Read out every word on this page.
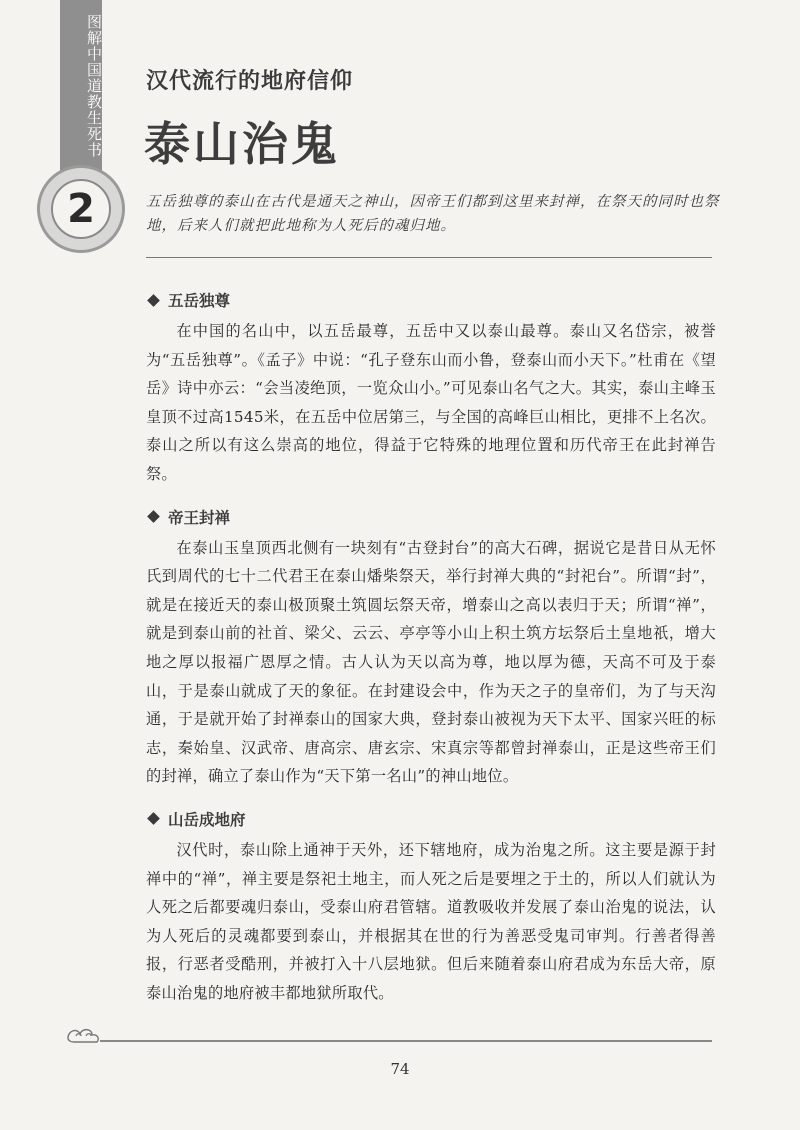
图解中国道教生死书
2
汉代流行的地府信仰
泰山治鬼
五岳独尊的泰山在古代是通天之神山，因帝王们都到这里来封禅，在祭天的同时也祭地，后来人们就把此地称为人死后的魂归地。
五岳独尊

在中国的名山中，以五岳最尊，五岳中又以泰山最尊。泰山又名岱宗，被誉为“五岳独尊”。《孟子》中说：“孔子登东山而小鲁，登泰山而小天下。”杜甫在《望岳》诗中亦云：“会当凌绝顶，一览众山小。”可见泰山名气之大。其实，泰山主峰玉皇顶不过高1545米，在五岳中位居第三，与全国的高峰巨山相比，更排不上名次。泰山之所以有这么崇高的地位，得益于它特殊的地理位置和历代帝王在此封禅告祭。

帝王封禅

在泰山玉皇顶西北侧有一块刻有“古登封台”的高大石碑，据说它是昔日从无怀氏到周代的七十二代君王在泰山燔柴祭天，举行封禅大典的“封祀台”。所谓“封”，就是在接近天的泰山极顶聚土筑圆坛祭天帝，增泰山之高以表归于天；所谓“禅”，就是到泰山前的社首、梁父、云云、亭亭等小山上积土筑方坛祭后土皇地祇，增大地之厚以报福广恩厚之情。古人认为天以高为尊，地以厚为德，天高不可及于泰山，于是泰山就成了天的象征。在封建设会中，作为天之子的皇帝们，为了与天沟通，于是就开始了封禅泰山的国家大典，登封泰山被视为天下太平、国家兴旺的标志，秦始皇、汉武帝、唐高宗、唐玄宗、宋真宗等都曾封禅泰山，正是这些帝王们的封禅，确立了泰山作为“天下第一名山”的神山地位。

山岳成地府

汉代时，泰山除上通神于天外，还下辖地府，成为治鬼之所。这主要是源于封禅中的“禅”，禅主要是祭祀土地主，而人死之后是要埋之于土的，所以人们就认为人死之后都要魂归泰山，受泰山府君管辖。道教吸收并发展了泰山治鬼的说法，认为人死后的灵魂都要到泰山，并根据其在世的行为善恶受鬼司审判。行善者得善报，行恶者受酷刑，并被打入十八层地狱。但后来随着泰山府君成为东岳大帝，原泰山治鬼的地府被丰都地狱所取代。

74
